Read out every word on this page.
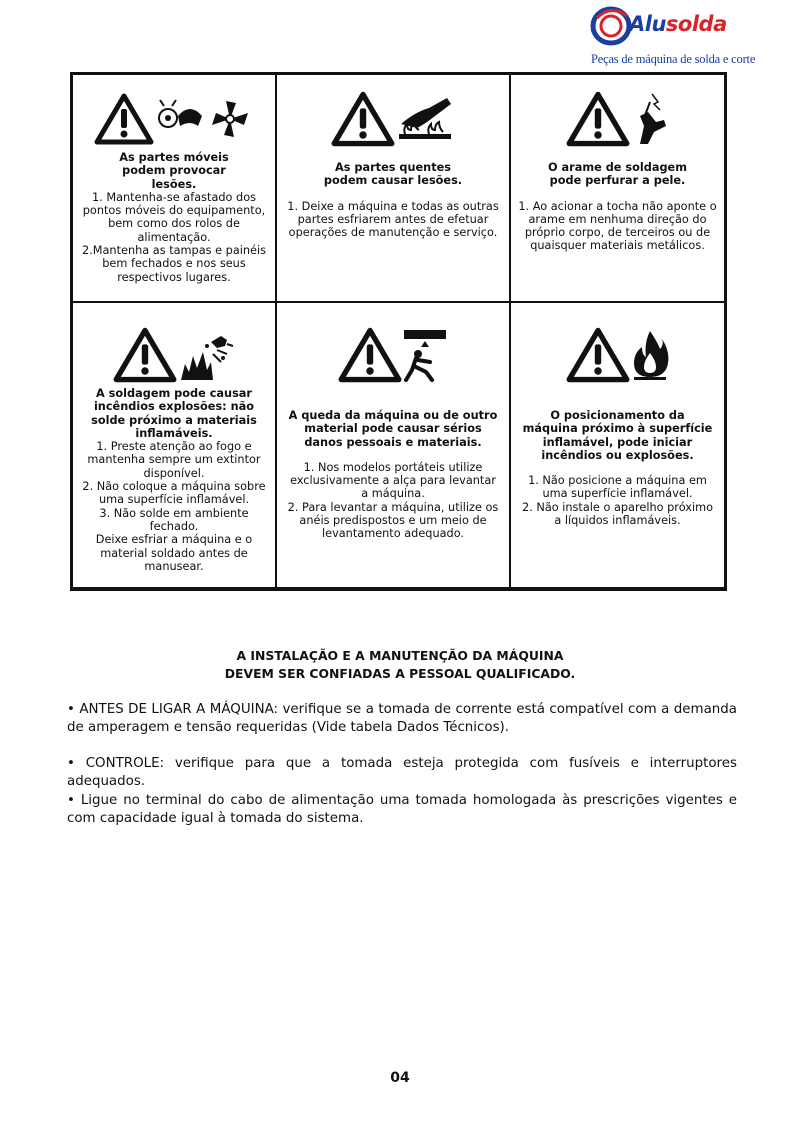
Alusolda
Peças de máquina de solda e corte
As partes móveis podem provocar lesões.

1. Mantenha-se afastado dos pontos móveis do equipamento, bem como dos rolos de alimentação.

2.Mantenha as tampas e painéis bem fechados e nos seus respectivos lugares.

As partes quentes podem causar lesões.

1. Deixe a máquina e todas as outras partes esfriarem antes de efetuar operações de manutenção e serviço.

O arame de soldagem pode perfurar a pele.

1. Ao acionar a tocha não aponte o arame em nenhuma direção do próprio corpo, de terceiros ou de quaisquer materiais metálicos.

A soldagem pode causar incêndios explosões: não solde próximo a materiais inflamáveis.

1. Preste atenção ao fogo e mantenha sempre um extintor disponível.

2. Não coloque a máquina sobre uma superfície inflamável.

3. Não solde em ambiente fechado.

Deixe esfriar a máquina e o material soldado antes de manusear.

A queda da máquina ou de outro material pode causar sérios danos pessoais e materiais.

1. Nos modelos portáteis utilize exclusivamente a alça para levantar a máquina.

2. Para levantar a máquina, utilize os anéis predispostos e um meio de levantamento adequado.

O posicionamento da máquina próximo à superfície inflamável, pode iniciar incêndios ou explosões.

1. Não posicione a máquina em uma superfície inflamável.

2. Não instale o aparelho próximo a líquidos inflamáveis.

A INSTALAÇÃO E A MANUTENÇÃO DA MÁQUINA
DEVEM SER CONFIADAS A PESSOAL QUALIFICADO.
• ANTES DE LIGAR A MÁQUINA: verifique se a tomada de corrente está compatível com a demanda de amperagem e tensão requeridas (Vide tabela Dados Técnicos).
• CONTROLE: verifique para que a tomada esteja protegida com fusíveis e interruptores adequados.
• Ligue no terminal do cabo de alimentação uma tomada homologada às prescrições vigentes e com capacidade igual à tomada do sistema.
04
